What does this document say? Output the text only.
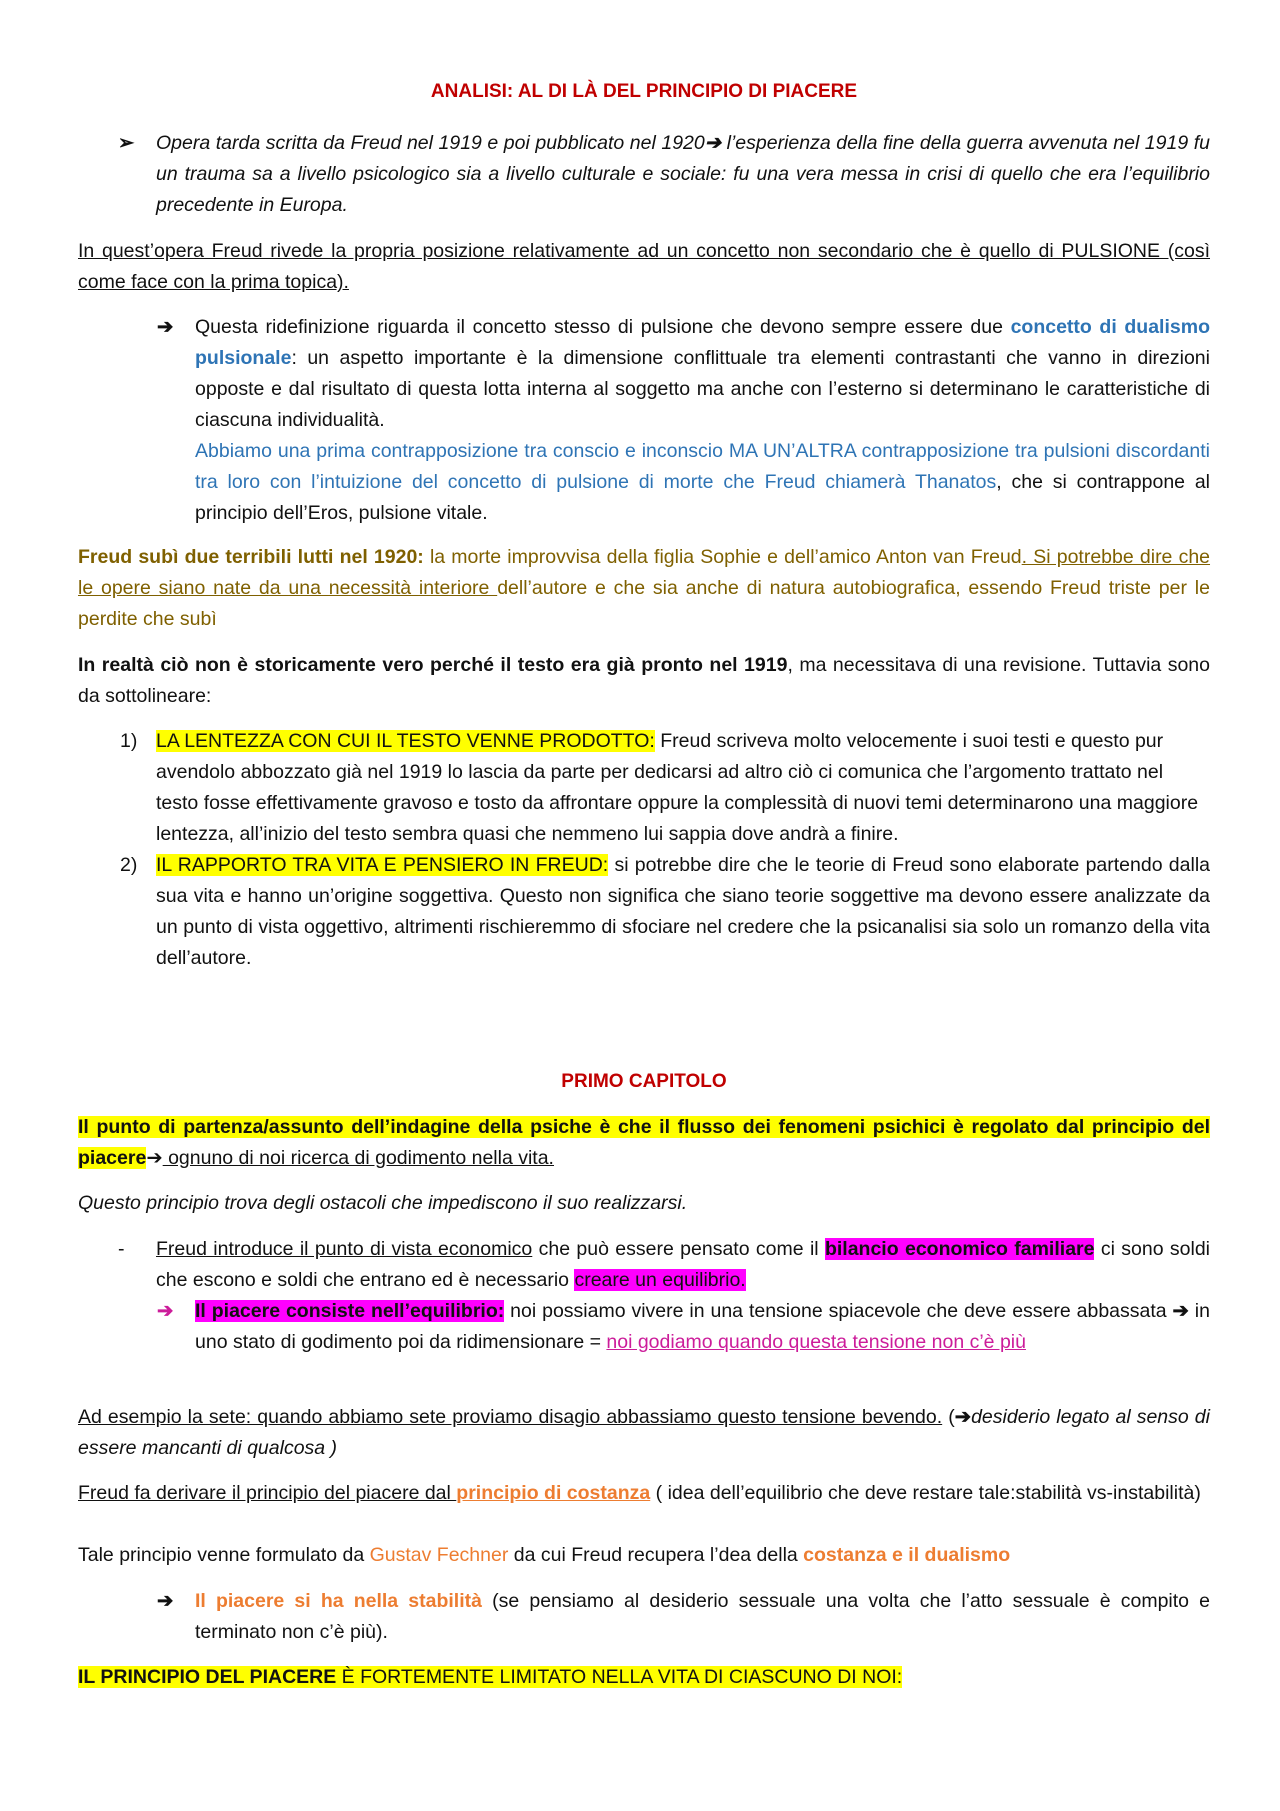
ANALISI: AL DI LÀ DEL PRINCIPIO DI PIACERE

➢ Opera tarda scritta da Freud nel 1919 e poi pubblicato nel 1920➔ l’esperienza della fine della guerra avvenuta nel 1919 fu un trauma sa a livello psicologico sia a livello culturale e sociale: fu una vera messa in crisi di quello che era l’equilibrio precedente in Europa.

In quest’opera Freud rivede la propria posizione relativamente ad un concetto non secondario che è quello di PULSIONE (così come face con la prima topica).

➔ Questa ridefinizione riguarda il concetto stesso di pulsione che devono sempre essere due concetto di dualismo pulsionale: un aspetto importante è la dimensione conflittuale tra elementi contrastanti che vanno in direzioni opposte e dal risultato di questa lotta interna al soggetto ma anche con l’esterno si determinano le caratteristiche di ciascuna individualità.

Abbiamo una prima contrapposizione tra conscio e inconscio MA UN’ALTRA contrapposizione tra pulsioni discordanti tra loro con l’intuizione del concetto di pulsione di morte che Freud chiamerà Thanatos, che si contrappone al principio dell’Eros, pulsione vitale.

Freud subì due terribili lutti nel 1920: la morte improvvisa della figlia Sophie e dell’amico Anton van Freud. Si potrebbe dire che le opere siano nate da una necessità interiore dell’autore e che sia anche di natura autobiografica, essendo Freud triste per le perdite che subì

In realtà ciò non è storicamente vero perché il testo era già pronto nel 1919, ma necessitava di una revisione. Tuttavia sono da sottolineare:

1) LA LENTEZZA CON CUI IL TESTO VENNE PRODOTTO: Freud scriveva molto velocemente i suoi testi e questo pur avendolo abbozzato già nel 1919 lo lascia da parte per dedicarsi ad altro ciò ci comunica che l’argomento trattato nel testo fosse effettivamente gravoso e tosto da affrontare oppure la complessità di nuovi temi determinarono una maggiore lentezza, all’inizio del testo sembra quasi che nemmeno lui sappia dove andrà a finire.

2) IL RAPPORTO TRA VITA E PENSIERO IN FREUD: si potrebbe dire che le teorie di Freud sono elaborate partendo dalla sua vita e hanno un’origine soggettiva. Questo non significa che siano teorie soggettive ma devono essere analizzate da un punto di vista oggettivo, altrimenti rischieremmo di sfociare nel credere che la psicanalisi sia solo un romanzo della vita dell’autore.

PRIMO CAPITOLO

Il punto di partenza/assunto dell’indagine della psiche è che il flusso dei fenomeni psichici è regolato dal principio del piacere➔ ognuno di noi ricerca di godimento nella vita.

Questo principio trova degli ostacoli che impediscono il suo realizzarsi.

- Freud introduce il punto di vista economico che può essere pensato come il bilancio economico familiare ci sono soldi che escono e soldi che entrano ed è necessario creare un equilibrio.

➔ Il piacere consiste nell’equilibrio: noi possiamo vivere in una tensione spiacevole che deve essere abbassata ➔ in uno stato di godimento poi da ridimensionare = noi godiamo quando questa tensione non c’è più

Ad esempio la sete: quando abbiamo sete proviamo disagio abbassiamo questo tensione bevendo. (➔desiderio legato al senso di essere mancanti di qualcosa )

Freud fa derivare il principio del piacere dal principio di costanza ( idea dell’equilibrio che deve restare tale:stabilità vs-instabilità)

Tale principio venne formulato da Gustav Fechner da cui Freud recupera l’dea della costanza e il dualismo

➔ Il piacere si ha nella stabilità (se pensiamo al desiderio sessuale una volta che l’atto sessuale è compito e terminato non c’è più).

IL PRINCIPIO DEL PIACERE È FORTEMENTE LIMITATO NELLA VITA DI CIASCUNO DI NOI:
